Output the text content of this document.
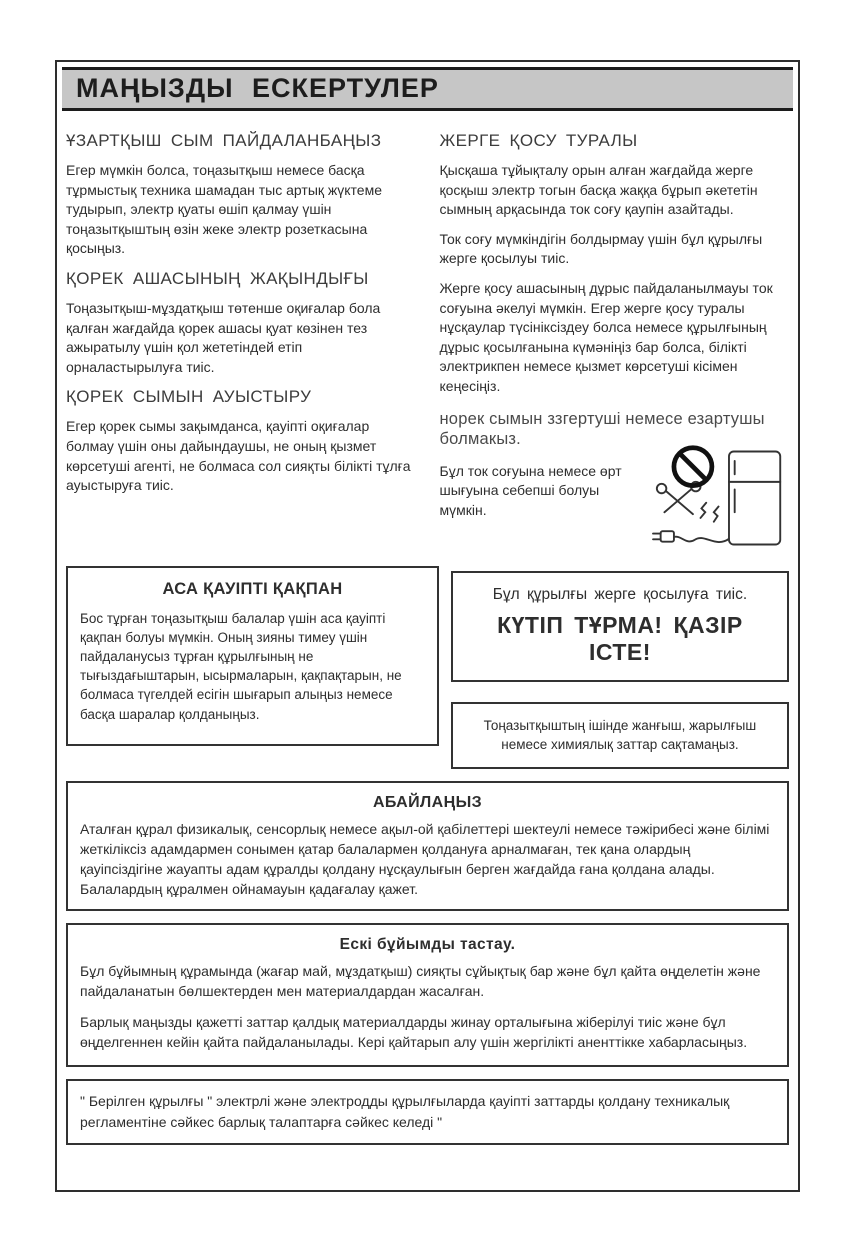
МАҢЫЗДЫ ЕСКЕРТУЛЕР
ҰЗАРТҚЫШ СЫМ ПАЙДАЛАНБАҢЫЗ

Егер мүмкін болса, тоңазытқыш немесе басқа тұрмыстық техника шамадан тыс артық жүктеме тудырып, электр қуаты өшіп қалмау үшін тоңазытқыштың өзін жеке электр розеткасына қосыңыз.

ҚОРЕК АШАСЫНЫҢ ЖАҚЫНДЫҒЫ

Тоңазытқыш-мұздатқыш төтенше оқиғалар бола қалған жағдайда қорек ашасы қуат көзінен тез ажыратылу үшін қол жететіндей етіп орналастырылуға тиіс.

ҚОРЕК СЫМЫН АУЫСТЫРУ

Егер қорек сымы зақымданса, қауіпті оқиғалар болмау үшін оны дайындаушы, не оның қызмет көрсетуші агенті, не болмаса сол сияқты білікті тұлға ауыстыруға тиіс.

ЖЕРГЕ ҚОСУ ТУРАЛЫ

Қысқаша тұйықталу орын алған жағдайда жерге қосқыш электр тогын басқа жаққа бұрып әкететін сымның арқасында ток соғу қаупін азайтады.

Ток соғу мүмкіндігін болдырмау үшін бұл құрылғы жерге қосылуы тиіс.

Жерге қосу ашасының дұрыс пайдаланылмауы ток соғуына әкелуі мүмкін. Егер жерге қосу туралы нұсқаулар түсініксіздеу болса немесе құрылғының дұрыс қосылғанына күмәніңіз бар болса, білікті электрикпен немесе қызмет көрсетуші кісімен кеңесіңіз.

норек сымын ззгертуші немесе езартушы болмакыз.

Бұл ток соғуына немесе өрт шығуына себепші болуы мүмкін.

АСА ҚАУІПТІ ҚАҚПАН

Бос тұрған тоңазытқыш балалар үшін аса қауіпті қақпан болуы мүмкін. Оның зияны тимеу үшін пайдаланусыз тұрған құрылғының не тығыздағыштарын, ысырмаларын, қақпақтарын, не болмаса түгелдей есігін шығарып алыңыз немесе басқа шаралар қолданыңыз.

Бұл құрылғы жерге қосылуға тиіс.

КҮТІП ТҰРМА! ҚАЗІР ІСТЕ!

Тоңазытқыштың ішінде жанғыш, жарылғыш немесе химиялық заттар сақтамаңыз.
АБАЙЛАҢЫЗ

Аталған құрал физикалық, сенсорлық немесе ақыл-ой қабілеттері шектеулі немесе тәжірибесі және білімі жеткіліксіз адамдармен сонымен қатар балалармен қолдануға арналмаған, тек қана олардың қауіпсіздігіне жауапты адам құралды қолдану нұсқаулығын берген жағдайда ғана қолдана алады. Балалардың құралмен ойнамауын қадағалау қажет.

Ескі бұйымды тастау.

Бұл бұйымның құрамында (жағар май, мұздатқыш) сияқты сұйықтық бар және бұл қайта өңделетін және пайдаланатын бөлшектерден мен материалдардан жасалған.

Барлық маңызды қажетті заттар қалдық материалдарды жинау орталығына жіберілуі тиіс және бұл өңделгеннен кейін қайта пайдаланылады. Кері қайтарып алу үшін жергілікті аненттікке хабарласыңыз.

" Берілген құрылғы " электрлі және электродды құрылғыларда қауіпті заттарды қолдану техникалық регламентіне сәйкес барлық талаптарға сәйкес келеді "
